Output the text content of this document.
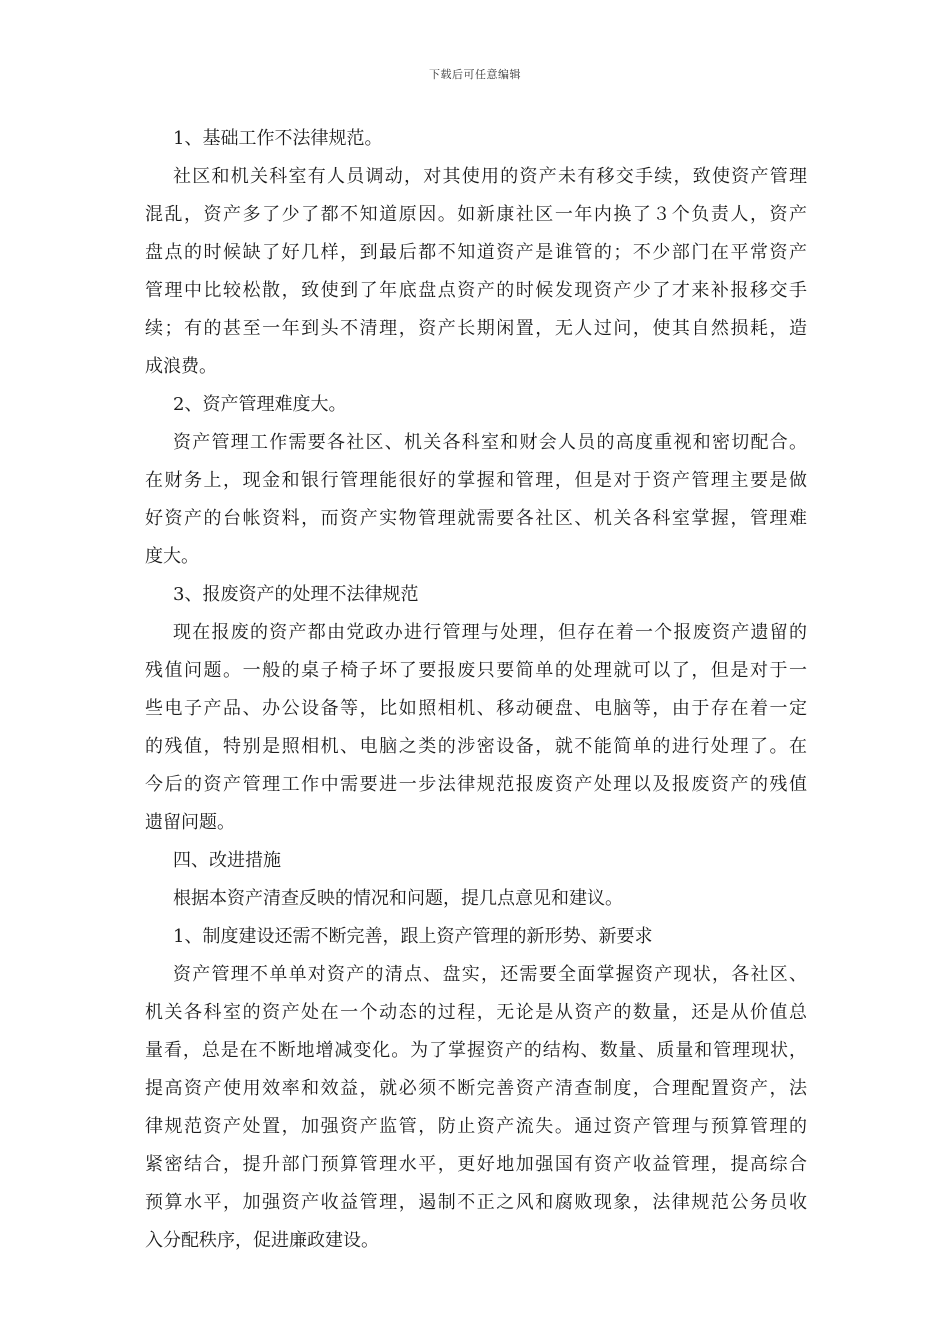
下载后可任意编辑
1、基础工作不法律规范。
社区和机关科室有人员调动，对其使用的资产未有移交手续，致使资产管理
混乱，资产多了少了都不知道原因。如新康社区一年内换了３个负责人，资产
盘点的时候缺了好几样，到最后都不知道资产是谁管的；不少部门在平常资产
管理中比较松散，致使到了年底盘点资产的时候发现资产少了才来补报移交手
续；有的甚至一年到头不清理，资产长期闲置，无人过问，使其自然损耗，造
成浪费。
2、资产管理难度大。
资产管理工作需要各社区、机关各科室和财会人员的高度重视和密切配合。
在财务上，现金和银行管理能很好的掌握和管理，但是对于资产管理主要是做
好资产的台帐资料，而资产实物管理就需要各社区、机关各科室掌握，管理难
度大。
3、报废资产的处理不法律规范
现在报废的资产都由党政办进行管理与处理，但存在着一个报废资产遗留的
残值问题。一般的桌子椅子坏了要报废只要简单的处理就可以了，但是对于一
些电子产品、办公设备等，比如照相机、移动硬盘、电脑等，由于存在着一定
的残值，特别是照相机、电脑之类的涉密设备，就不能简单的进行处理了。在
今后的资产管理工作中需要进一步法律规范报废资产处理以及报废资产的残值
遗留问题。
四、改进措施
根据本资产清查反映的情况和问题，提几点意见和建议。
1、制度建设还需不断完善，跟上资产管理的新形势、新要求
资产管理不单单对资产的清点、盘实，还需要全面掌握资产现状，各社区、
机关各科室的资产处在一个动态的过程，无论是从资产的数量，还是从价值总
量看，总是在不断地增减变化。为了掌握资产的结构、数量、质量和管理现状，
提高资产使用效率和效益，就必须不断完善资产清查制度，合理配置资产，法
律规范资产处置，加强资产监管，防止资产流失。通过资产管理与预算管理的
紧密结合，提升部门预算管理水平，更好地加强国有资产收益管理，提高综合
预算水平，加强资产收益管理，遏制不正之风和腐败现象，法律规范公务员收
入分配秩序，促进廉政建设。
